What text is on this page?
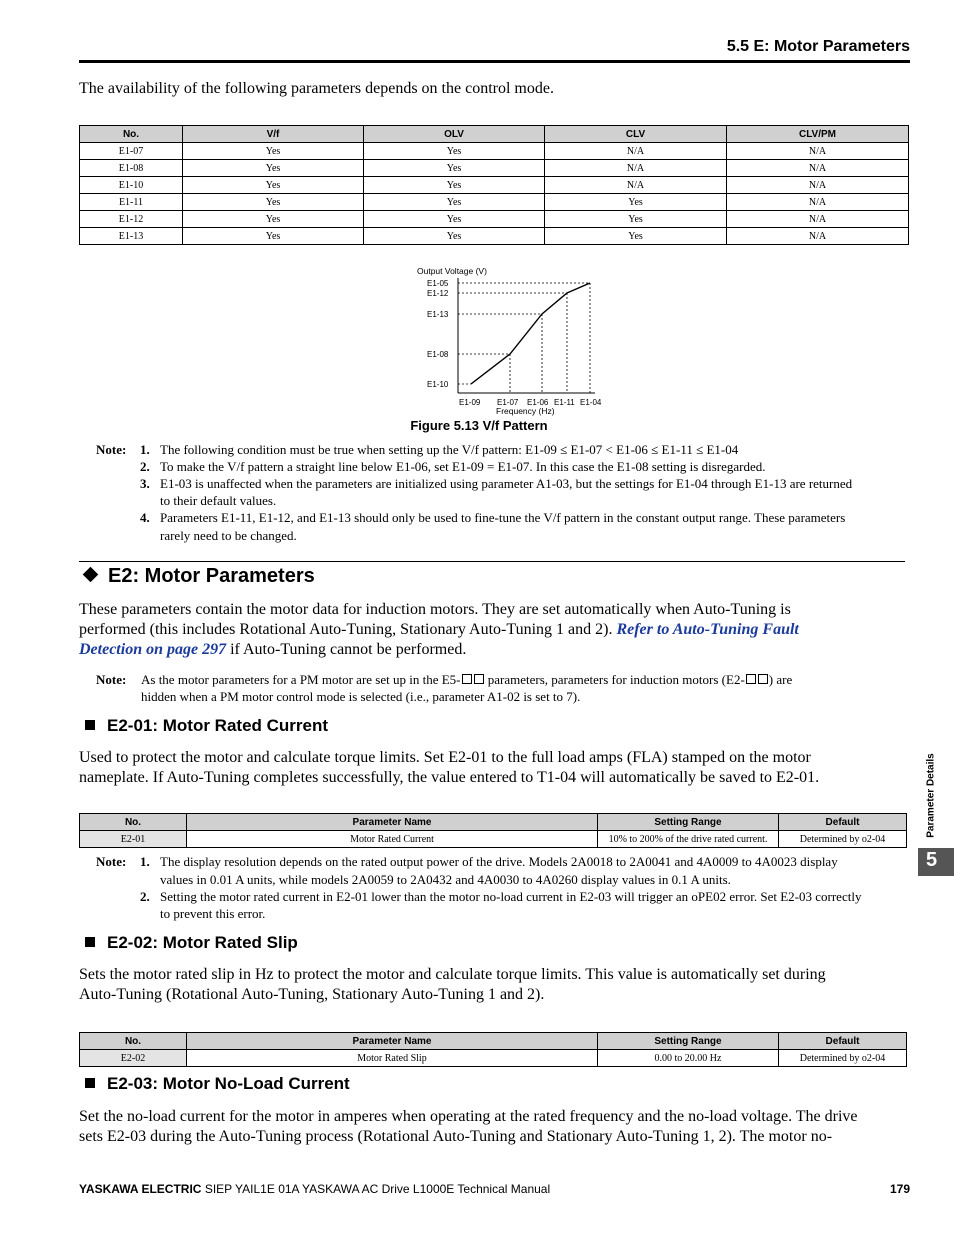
5.5 E: Motor Parameters
The availability of the following parameters depends on the control mode.
No.	V/f	OLV	CLV	CLV/PM
E1-07	Yes	Yes	N/A	N/A
E1-08	Yes	Yes	N/A	N/A
E1-10	Yes	Yes	N/A	N/A
E1-11	Yes	Yes	Yes	N/A
E1-12	Yes	Yes	Yes	N/A
E1-13	Yes	Yes	Yes	N/A
Output Voltage (V)
Frequency (Hz)
E1-05
E1-12
E1-13
E1-08
E1-10
E1-09 E1-07 E1-06 E1-11 E1-04
Figure 5.13 V/f Pattern
Note: 1. The following condition must be true when setting up the V/f pattern: E1-09 ≤ E1-07 < E1-06 ≤ E1-11 ≤ E1-04
2. To make the V/f pattern a straight line below E1-06, set E1-09 = E1-07. In this case the E1-08 setting is disregarded.
3. E1-03 is unaffected when the parameters are initialized using parameter A1-03, but the settings for E1-04 through E1-13 are returned
to their default values.
4. Parameters E1-11, E1-12, and E1-13 should only be used to fine-tune the V/f pattern in the constant output range. These parameters
rarely need to be changed.
E2: Motor Parameters
These parameters contain the motor data for induction motors. They are set automatically when Auto-Tuning is
performed (this includes Rotational Auto-Tuning, Stationary Auto-Tuning 1 and 2). Refer to Auto-Tuning Fault
Detection on page 297 if Auto-Tuning cannot be performed.
Note: As the motor parameters for a PM motor are set up in the E5- parameters, parameters for induction motors (E2- ) are
hidden when a PM motor control mode is selected (i.e., parameter A1-02 is set to 7).
E2-01: Motor Rated Current
Used to protect the motor and calculate torque limits. Set E2-01 to the full load amps (FLA) stamped on the motor
nameplate. If Auto-Tuning completes successfully, the value entered to T1-04 will automatically be saved to E2-01.
No.	Parameter Name	Setting Range	Default
E2-01	Motor Rated Current	10% to 200% of the drive rated current.	Determined by o2-04
Note: 1. The display resolution depends on the rated output power of the drive. Models 2A0018 to 2A0041 and 4A0009 to 4A0023 display
values in 0.01 A units, while models 2A0059 to 2A0432 and 4A0030 to 4A0260 display values in 0.1 A units.
2. Setting the motor rated current in E2-01 lower than the motor no-load current in E2-03 will trigger an oPE02 error. Set E2-03 correctly
to prevent this error.
E2-02: Motor Rated Slip
Sets the motor rated slip in Hz to protect the motor and calculate torque limits. This value is automatically set during
Auto-Tuning (Rotational Auto-Tuning, Stationary Auto-Tuning 1 and 2).
No.	Parameter Name	Setting Range	Default
E2-02	Motor Rated Slip	0.00 to 20.00 Hz	Determined by o2-04
E2-03: Motor No-Load Current
Set the no-load current for the motor in amperes when operating at the rated frequency and the no-load voltage. The drive
sets E2-03 during the Auto-Tuning process (Rotational Auto-Tuning and Stationary Auto-Tuning 1, 2). The motor no-
Parameter Details
5
YASKAWA ELECTRIC SIEP YAIL1E 01A YASKAWA AC Drive L1000E Technical Manual	179
